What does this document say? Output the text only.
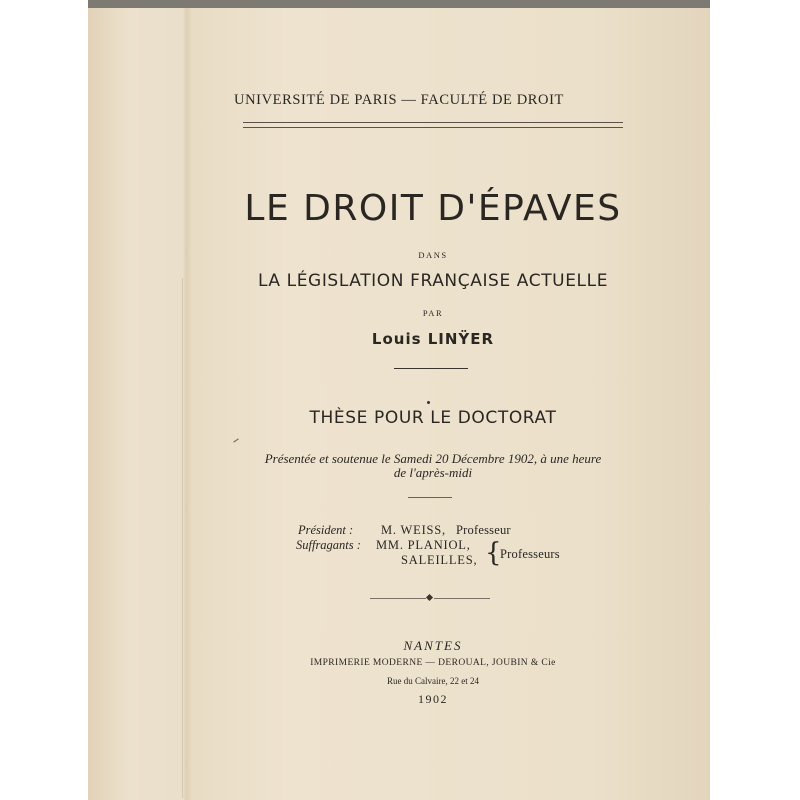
UNIVERSITÉ DE PARIS — FACULTÉ DE DROIT
LE DROIT D'ÉPAVES
DANS
LA LÉGISLATION FRANÇAISE ACTUELLE
PAR
Louis LINŸER
THÈSE POUR LE DOCTORAT
Présentée et soutenue le Samedi 20 Décembre 1902, à une heure
de l'après-midi
Président : M. WEISS, Professeur
Suffragants : MM. PLANIOL,
SALEILLES, {
Professeurs
NANTES
IMPRIMERIE MODERNE — DEROUAL, JOUBIN & Cie
Rue du Calvaire, 22 et 24
1902
